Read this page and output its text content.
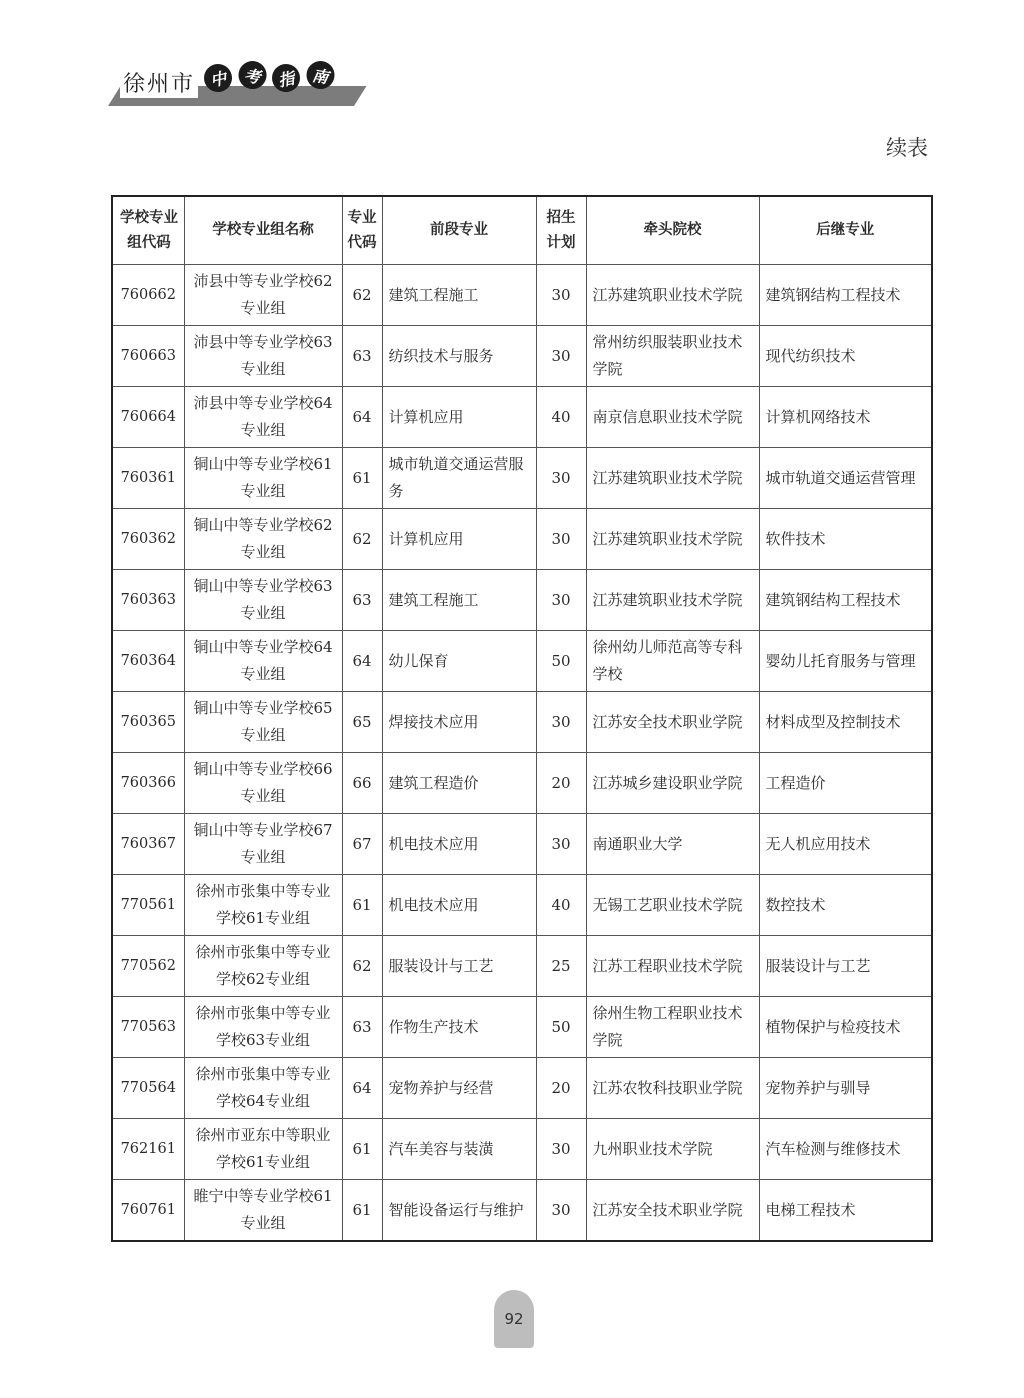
徐州市 中 考 指 南
续表
学校专业组代码	学校专业组名称	专业代码	前段专业	招生计划	牵头院校	后继专业
760662	沛县中等专业学校62专业组	62	建筑工程施工	30	江苏建筑职业技术学院	建筑钢结构工程技术
760663	沛县中等专业学校63专业组	63	纺织技术与服务	30	常州纺织服装职业技术学院	现代纺织技术
760664	沛县中等专业学校64专业组	64	计算机应用	40	南京信息职业技术学院	计算机网络技术
760361	铜山中等专业学校61专业组	61	城市轨道交通运营服务	30	江苏建筑职业技术学院	城市轨道交通运营管理
760362	铜山中等专业学校62专业组	62	计算机应用	30	江苏建筑职业技术学院	软件技术
760363	铜山中等专业学校63专业组	63	建筑工程施工	30	江苏建筑职业技术学院	建筑钢结构工程技术
760364	铜山中等专业学校64专业组	64	幼儿保育	50	徐州幼儿师范高等专科学校	婴幼儿托育服务与管理
760365	铜山中等专业学校65专业组	65	焊接技术应用	30	江苏安全技术职业学院	材料成型及控制技术
760366	铜山中等专业学校66专业组	66	建筑工程造价	20	江苏城乡建设职业学院	工程造价
760367	铜山中等专业学校67专业组	67	机电技术应用	30	南通职业大学	无人机应用技术
770561	徐州市张集中等专业学校61专业组	61	机电技术应用	40	无锡工艺职业技术学院	数控技术
770562	徐州市张集中等专业学校62专业组	62	服装设计与工艺	25	江苏工程职业技术学院	服装设计与工艺
770563	徐州市张集中等专业学校63专业组	63	作物生产技术	50	徐州生物工程职业技术学院	植物保护与检疫技术
770564	徐州市张集中等专业学校64专业组	64	宠物养护与经营	20	江苏农牧科技职业学院	宠物养护与驯导
762161	徐州市亚东中等职业学校61专业组	61	汽车美容与装潢	30	九州职业技术学院	汽车检测与维修技术
760761	睢宁中等专业学校61专业组	61	智能设备运行与维护	30	江苏安全技术职业学院	电梯工程技术
92
